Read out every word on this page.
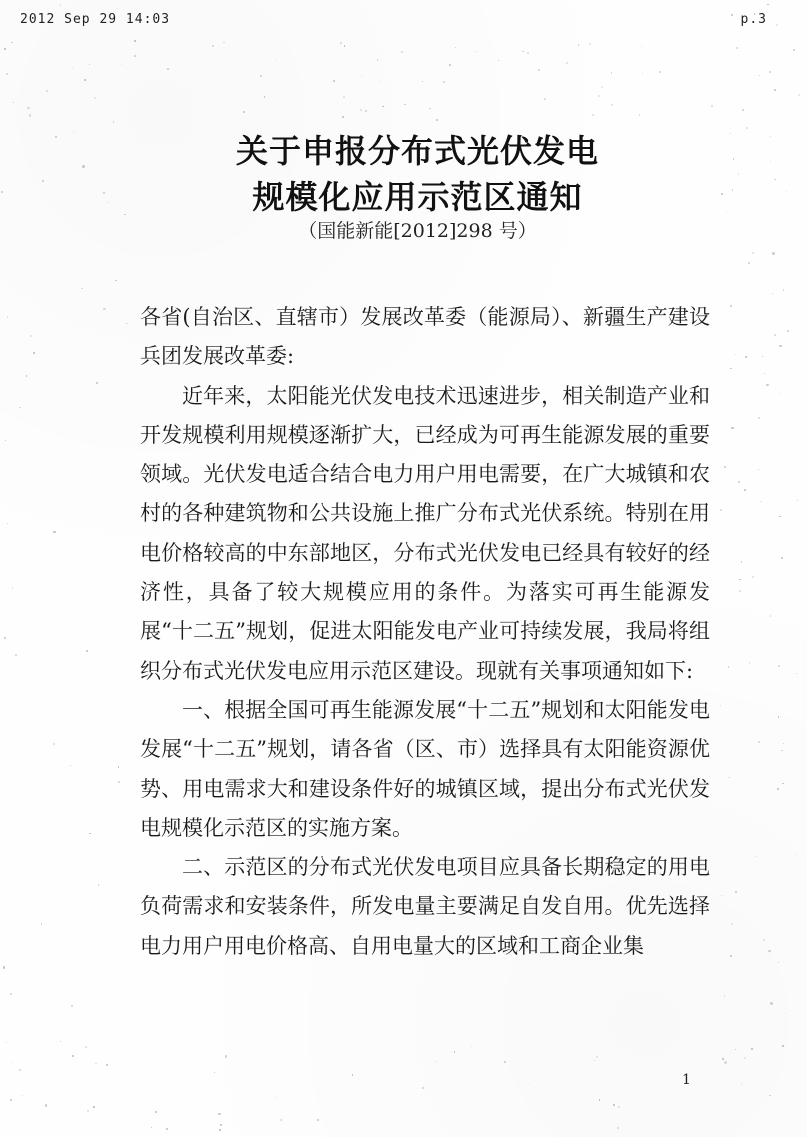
2012 Sep 29 14:03	p.3
关于申报分布式光伏发电
规模化应用示范区通知
（国能新能[2012]298 号）

各省(自治区、直辖市）发展改革委（能源局）、新疆生产建设兵团发展改革委:

近年来，太阳能光伏发电技术迅速进步，相关制造产业和开发规模利用规模逐渐扩大，已经成为可再生能源发展的重要领域。光伏发电适合结合电力用户用电需要，在广大城镇和农村的各种建筑物和公共设施上推广分布式光伏系统。特别在用电价格较高的中东部地区，分布式光伏发电已经具有较好的经济性，具备了较大规模应用的条件。为落实可再生能源发展“十二五”规划，促进太阳能发电产业可持续发展，我局将组织分布式光伏发电应用示范区建设。现就有关事项通知如下:

一、根据全国可再生能源发展“十二五”规划和太阳能发电发展“十二五”规划，请各省（区、市）选择具有太阳能资源优势、用电需求大和建设条件好的城镇区域，提出分布式光伏发电规模化示范区的实施方案。

二、示范区的分布式光伏发电项目应具备长期稳定的用电负荷需求和安装条件，所发电量主要满足自发自用。优先选择电力用户用电价格高、自用电量大的区域和工商企业集

1
